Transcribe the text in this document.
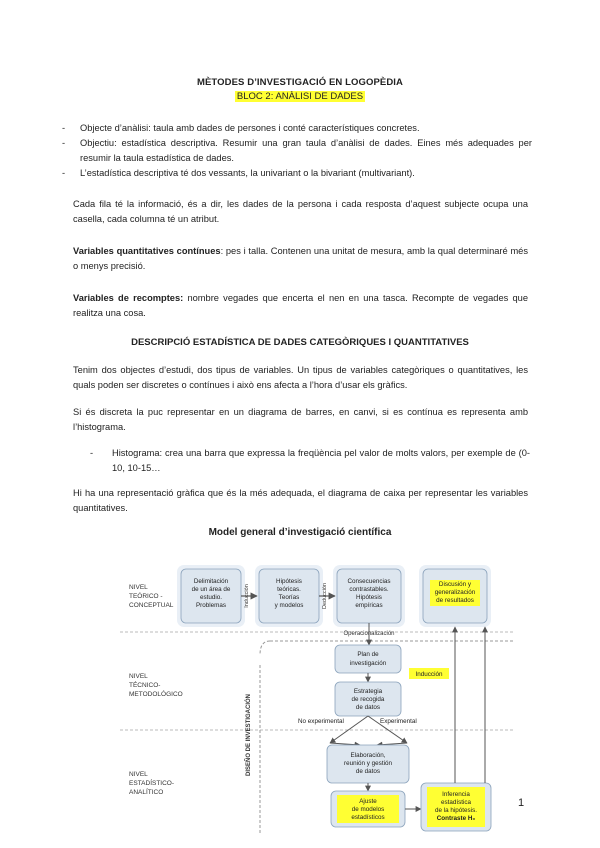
MÈTODES D’INVESTIGACIÓ EN LOGOPÈDIA
BLOC 2: ANÀLISI DE DADES
- Objecte d’anàlisi: taula amb dades de persones i conté característiques concretes.
- Objectiu: estadística descriptiva. Resumir una gran taula d’anàlisi de dades. Eines més adequades per resumir la taula estadística de dades.
- L’estadística descriptiva té dos vessants, la univariant o la bivariant (multivariant).

Cada fila té la informació, és a dir, les dades de la persona i cada resposta d’aquest subjecte ocupa una casella, cada columna té un atribut.

Variables quantitatives contínues: pes i talla. Contenen una unitat de mesura, amb la qual determinaré més o menys precisió.

Variables de recomptes: nombre vegades que encerta el nen en una tasca. Recompte de vegades que realitza una cosa.

DESCRIPCIÓ ESTADÍSTICA DE DADES CATEGÒRIQUES I QUANTITATIVES

Tenim dos objectes d’estudi, dos tipus de variables. Un tipus de variables categòriques o quantitatives, les quals poden ser discretes o contínues i això ens afecta a l’hora d’usar els gràfics.

Si és discreta la puc representar en un diagrama de barres, en canvi, si es contínua es representa amb l’histograma.

- Histograma: crea una barra que expressa la freqüència pel valor de molts valors, per exemple de (0-10, 10-15…

Hi ha una representació gràfica que és la més adequada, el diagrama de caixa per representar les variables quantitatives.

Model general d’investigació científica
NIVEL
TEÓRICO -
CONCEPTUAL
NIVEL
TÉCNICO-
METODOLÓGICO
NIVEL
ESTADÍSTICO-
ANALÍTICO
Delimitación
de un área de
estudio.
Problemas
Hipótesis
teóricas.
Teorías
y modelos
Consecuencias
contrastables.
Hipótesis
empíricas
Discusión y
generalización
de resultados
Inducción	Deducción
Operacionalización
Plan de
investigación
Estrategia
de recogida
de datos
No experimental	Experimental
Elaboración,
reunión y gestión
de datos
Ajuste
de modelos
estadísticos
Inferencia
estadística
de la hipótesis.
Contraste H₀
Inducción
DISEÑO DE INVESTIGACIÓN
1
